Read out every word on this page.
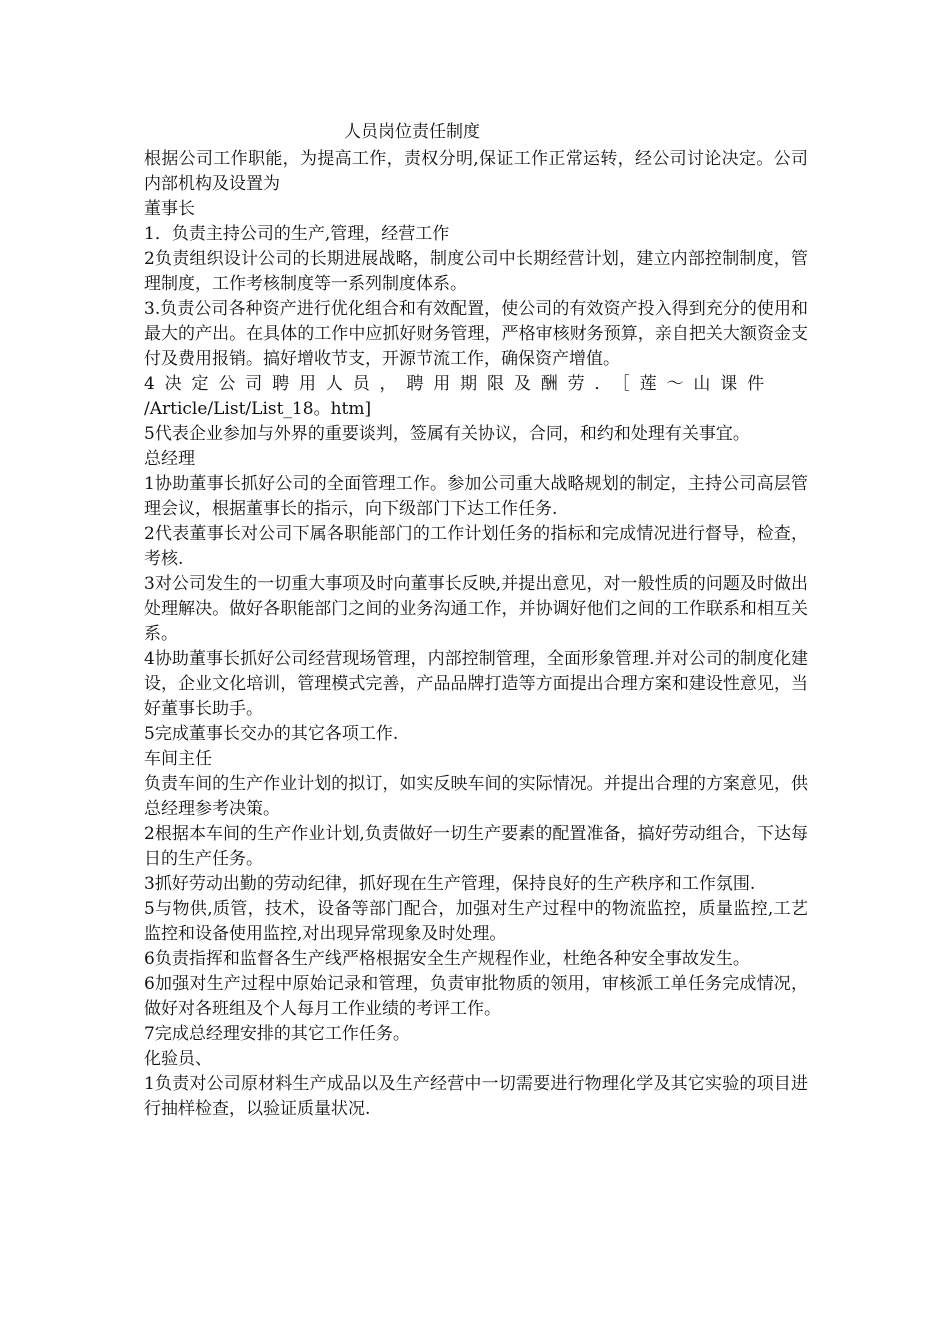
人员岗位责任制度

根据公司工作职能，为提高工作，责权分明,保证工作正常运转，经公司讨论决定。公司内部机构及设置为

董事长

1．负责主持公司的生产,管理，经营工作

2负责组织设计公司的长期进展战略，制度公司中长期经营计划，建立内部控制制度，管理制度，工作考核制度等一系列制度体系。

3.负责公司各种资产进行优化组合和有效配置，使公司的有效资产投入得到充分的使用和最大的产出。在具体的工作中应抓好财务管理，严格审核财务预算，亲自把关大额资金支付及费用报销。搞好增收节支，开源节流工作，确保资产增值。

4决定公司聘用人员，聘用期限及酬劳．［莲～山课件

/Article/List/List_18。htm]

5代表企业参加与外界的重要谈判，签属有关协议，合同，和约和处理有关事宜。

总经理

1协助董事长抓好公司的全面管理工作。参加公司重大战略规划的制定，主持公司高层管理会议，根据董事长的指示，向下级部门下达工作任务.

2代表董事长对公司下属各职能部门的工作计划任务的指标和完成情况进行督导，检查，考核.

3对公司发生的一切重大事项及时向董事长反映,并提出意见，对一般性质的问题及时做出处理解决。做好各职能部门之间的业务沟通工作，并协调好他们之间的工作联系和相互关系。

4协助董事长抓好公司经营现场管理，内部控制管理，全面形象管理.并对公司的制度化建设，企业文化培训，管理模式完善，产品品牌打造等方面提出合理方案和建设性意见，当好董事长助手。

5完成董事长交办的其它各项工作.

车间主任

负责车间的生产作业计划的拟订，如实反映车间的实际情况。并提出合理的方案意见，供总经理参考决策。

2根据本车间的生产作业计划,负责做好一切生产要素的配置准备，搞好劳动组合，下达每日的生产任务。

3抓好劳动出勤的劳动纪律，抓好现在生产管理，保持良好的生产秩序和工作氛围.

5与物供,质管，技术，设备等部门配合，加强对生产过程中的物流监控，质量监控,工艺监控和设备使用监控,对出现异常现象及时处理。

6负责指挥和监督各生产线严格根据安全生产规程作业，杜绝各种安全事故发生。

6加强对生产过程中原始记录和管理，负责审批物质的领用，审核派工单任务完成情况，做好对各班组及个人每月工作业绩的考评工作。

7完成总经理安排的其它工作任务。

化验员、

1负责对公司原材料生产成品以及生产经营中一切需要进行物理化学及其它实验的项目进行抽样检查，以验证质量状况.
